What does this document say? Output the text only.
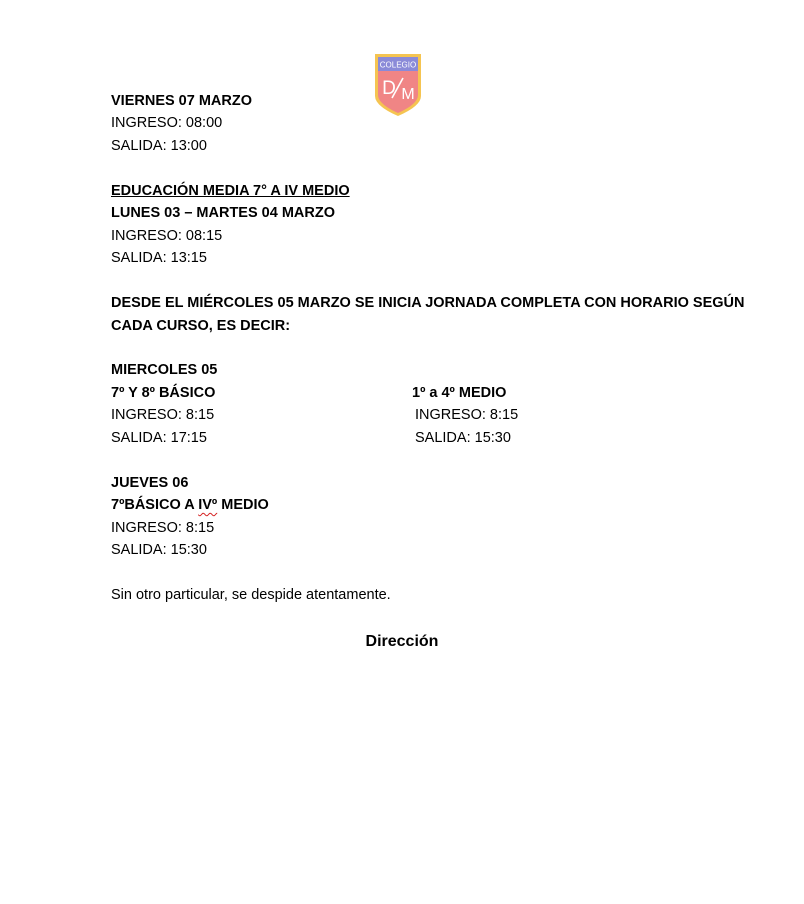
COLEGIO
D M
VIERNES 07 MARZO
INGRESO: 08:00
SALIDA: 13:00
EDUCACIÓN MEDIA 7° A IV MEDIO
LUNES 03 – MARTES 04 MARZO
INGRESO: 08:15
SALIDA: 13:15
DESDE EL MIÉRCOLES 05 MARZO SE INICIA JORNADA COMPLETA CON HORARIO SEGÚN
CADA CURSO, ES DECIR:
MIERCOLES 05
7º Y 8º BÁSICO	1º a 4º MEDIO
INGRESO: 8:15	INGRESO: 8:15
SALIDA: 17:15	SALIDA: 15:30
JUEVES 06
7ºBÁSICO A IVº MEDIO
INGRESO: 8:15
SALIDA: 15:30
Sin otro particular, se despide atentamente.
Dirección
